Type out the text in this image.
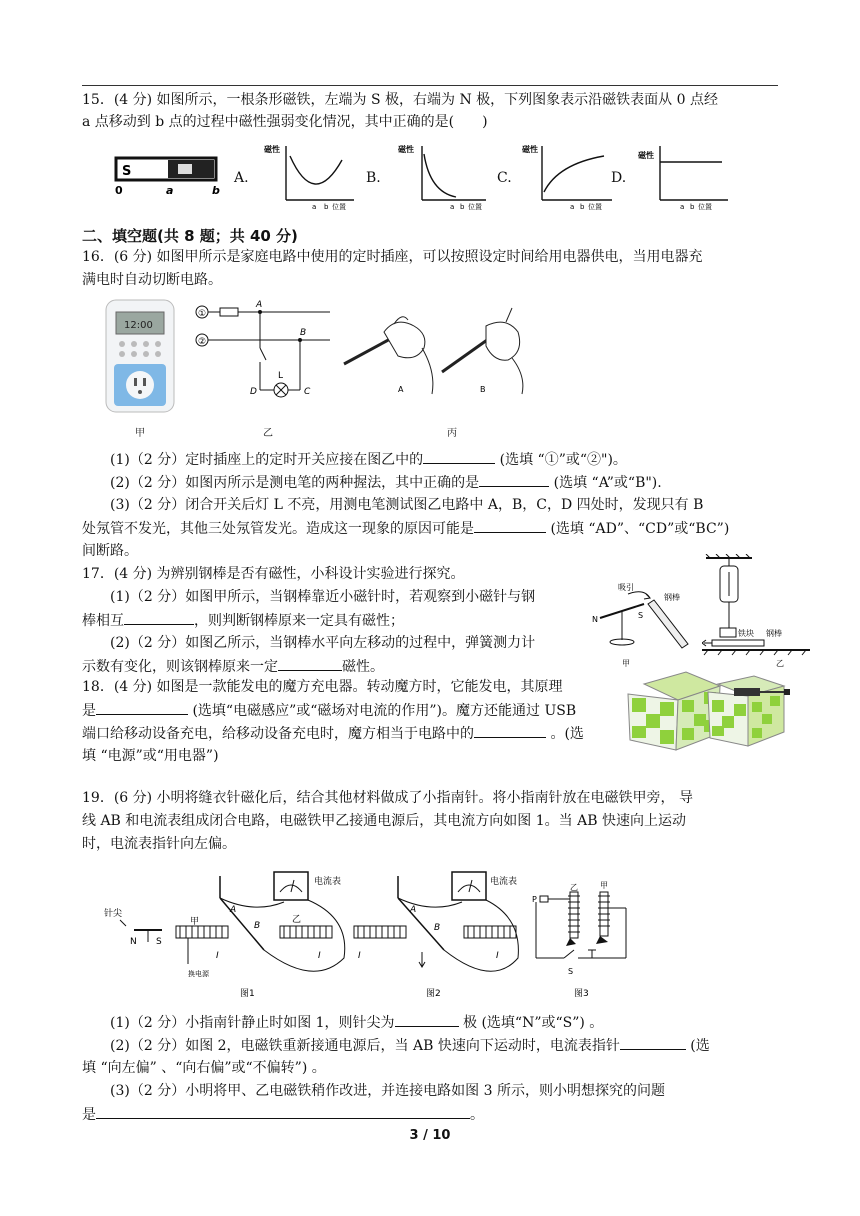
15．(4 分) 如图所示，一根条形磁铁，左端为 S 极，右端为 N 极，下列图象表示沿磁铁表面从 0 点经
a 点移动到 b 点的过程中磁性强弱变化情况，其中正确的是(　　)
S
0	a	b
A.	B.	C.	D.
磁性
a b 位置
磁性
a b 位置
磁性
a b 位置
磁性
a b 位置
二、填空题(共 8 题；共 40 分)
16．(6 分) 如图甲所示是家庭电路中使用的定时插座，可以按照设定时间给用电器供电，当用电器充
满电时自动切断电路。
12:00
①
②
A
B
L
D	C	A	B
甲	乙	丙
(1)（2 分）定时插座上的定时开关应接在图乙中的	(选填 “①”或“②")。
(2)（2 分）如图丙所示是测电笔的两种握法，其中正确的是	(选填 “A”或“B").
(3)（2 分）闭合开关后灯 L 不亮，用测电笔测试图乙电路中 A，B，C，D 四处时，发现只有 B
处氖管不发光，其他三处氖管发光。造成这一现象的原因可能是	(选填 “AD”、“CD”或“BC”)
间断路。
17．(4 分) 为辨别钢棒是否有磁性，小科设计实验进行探究。
(1)（2 分）如图甲所示，当钢棒靠近小磁针时，若观察到小磁针与钢
棒相互	，则判断钢棒原来一定具有磁性；
(2)（2 分）如图乙所示，当钢棒水平向左移动的过程中，弹簧测力计
示数有变化，则该钢棒原来一定	磁性。
吸引
钢棒
N	S
甲
铁块 钢棒
乙
18．(4 分) 如图是一款能发电的魔方充电器。转动魔方时，它能发电，其原理
是	(选填“电磁感应”或“磁场对电流的作用”)。魔方还能通过 USB
端口给移动设备充电，给移动设备充电时，魔方相当于电路中的	。(选
填 “电源”或“用电器”)
19．(6 分) 小明将缝衣针磁化后，结合其他材料做成了小指南针。将小指南针放在电磁铁甲旁， 导
线 AB 和电流表组成闭合电路，电磁铁甲乙接通电源后，其电流方向如图 1。当 AB 快速向上运动
时，电流表指针向左偏。
针尖
N S
甲
换电源
A
B
电流表
乙
I	I
图1
A
B
电流表
I	I
图2
乙	甲
P
S
图3
(1)（2 分）小指南针静止时如图 1，则针尖为	极 (选填“N”或“S”) 。
(2)（2 分）如图 2，电磁铁重新接通电源后，当 AB 快速向下运动时，电流表指针	(选
填 “向左偏” 、“向右偏”或“不偏转”) 。
(3)（2 分）小明将甲、乙电磁铁稍作改进，并连接电路如图 3 所示，则小明想探究的问题
是	。
3 / 10
